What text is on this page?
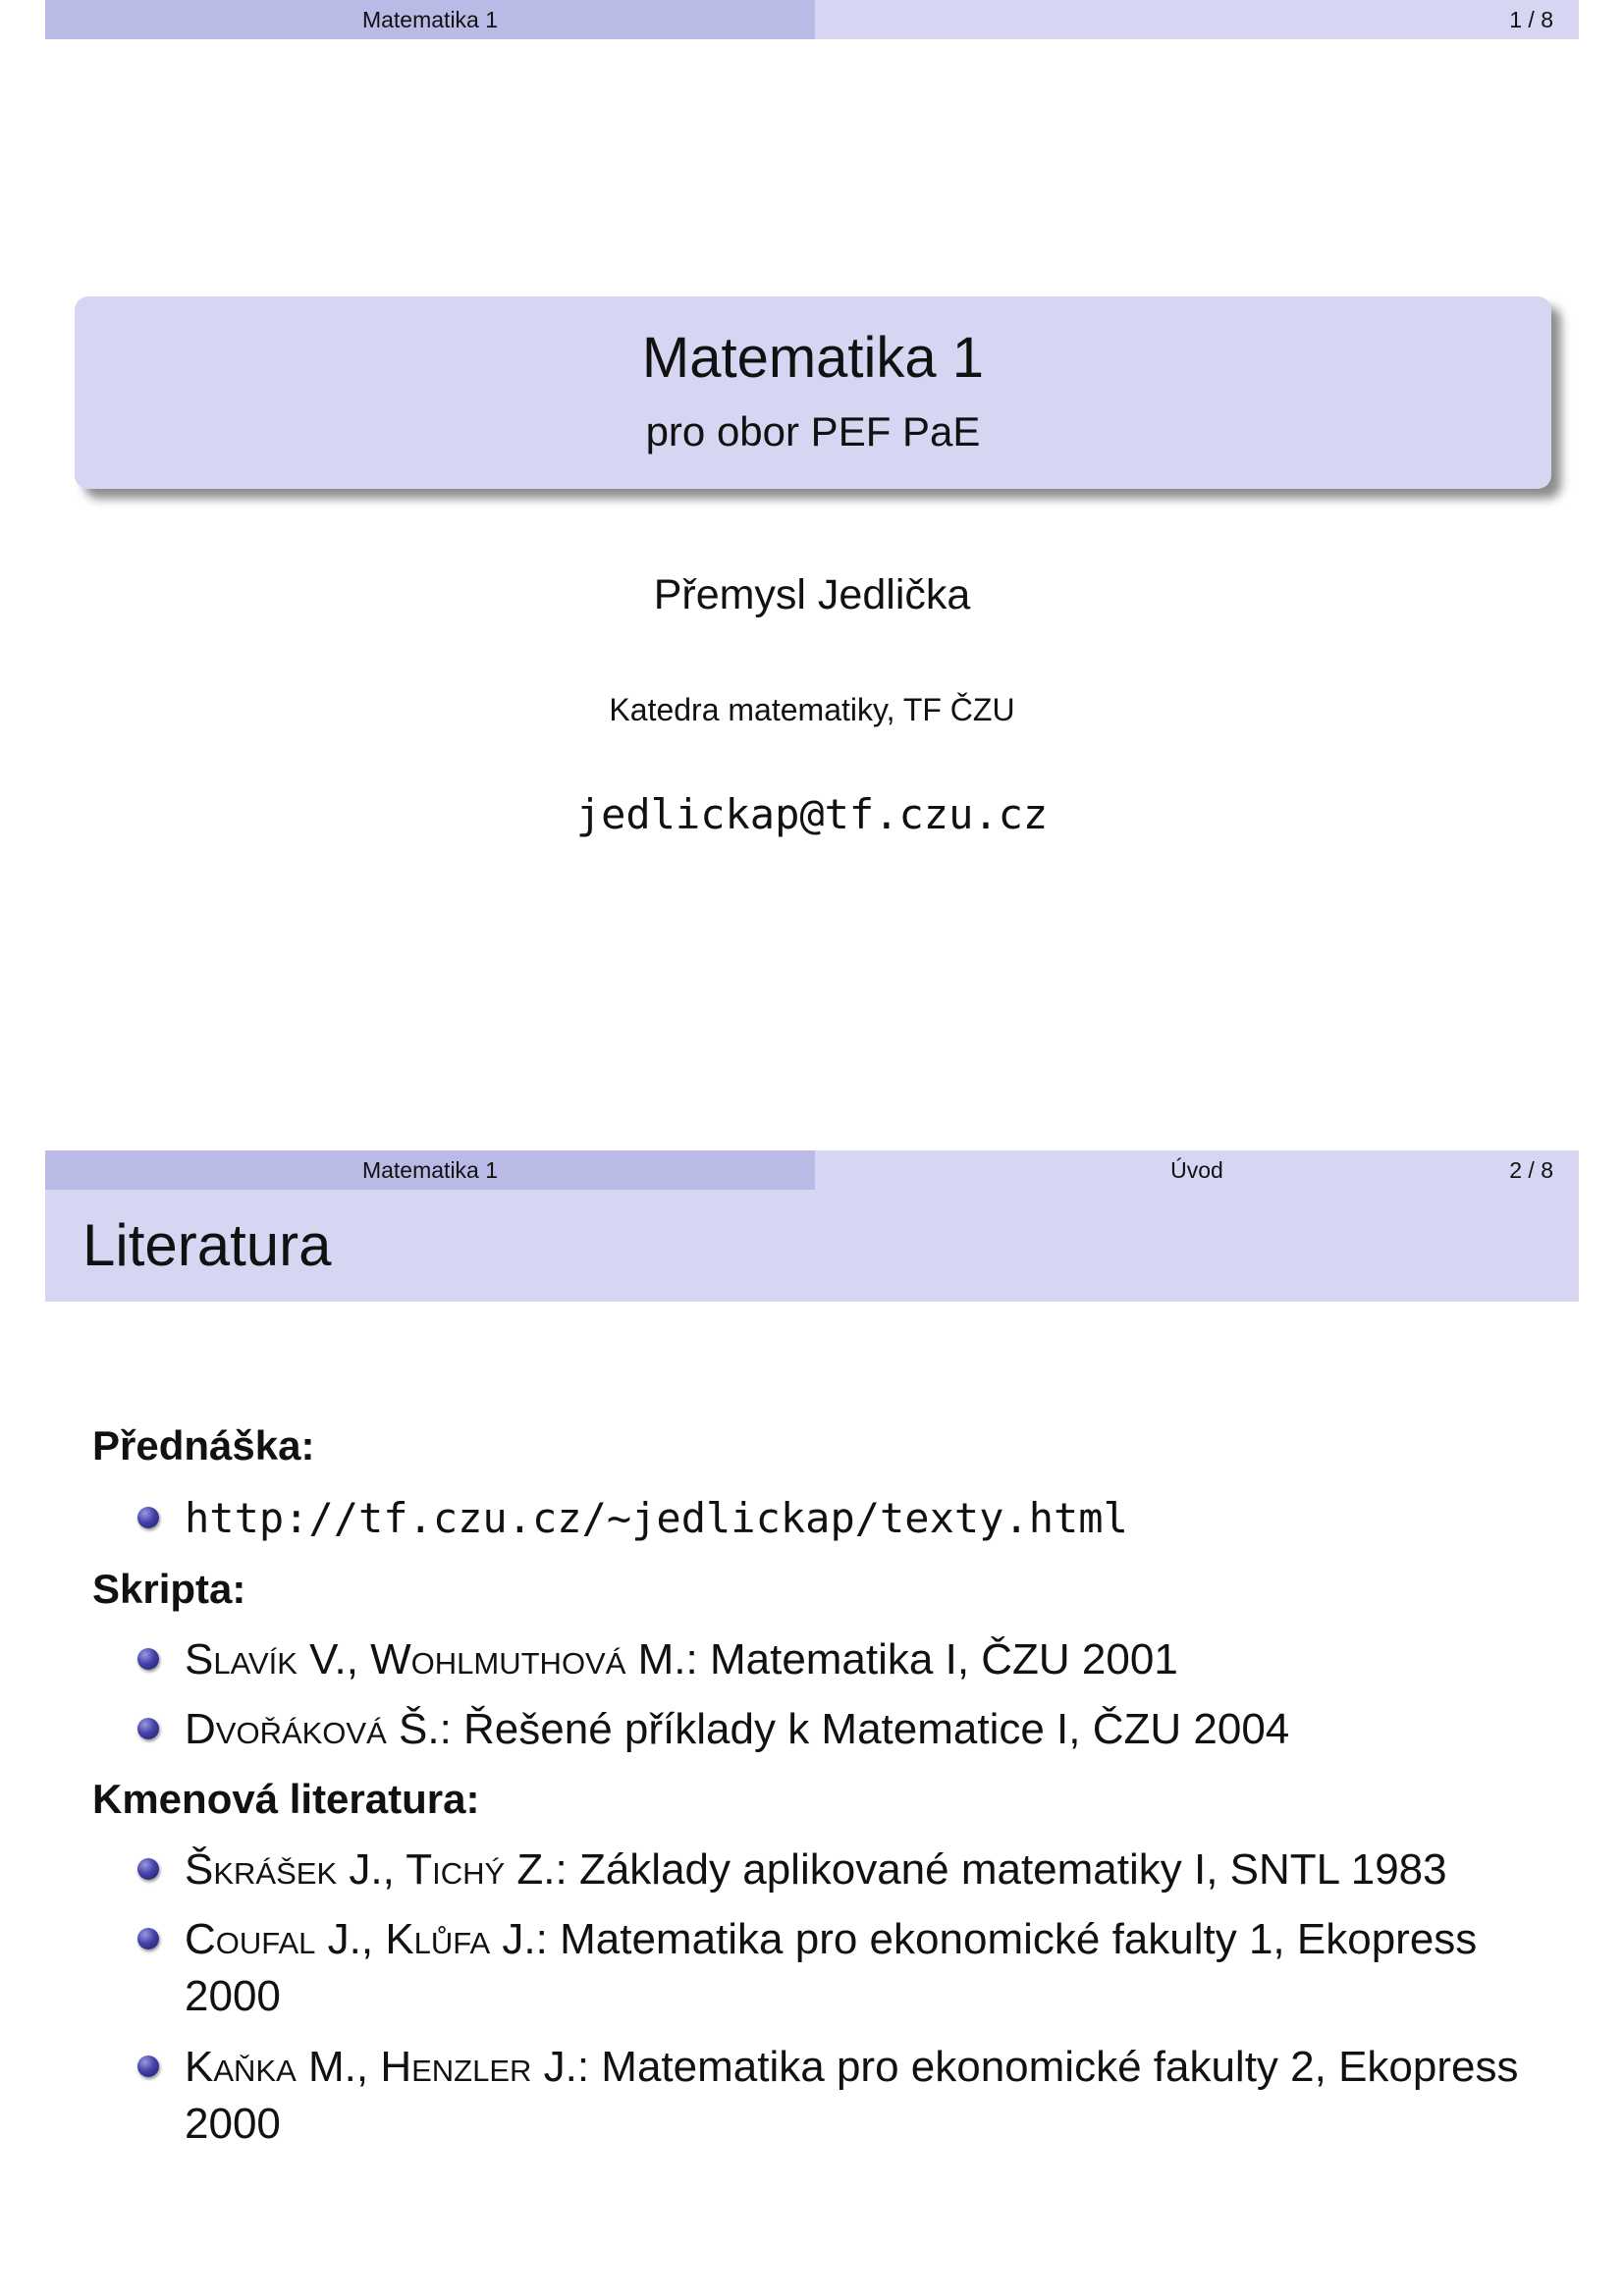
Matematika 1	1 / 8
Matematika 1
pro obor PEF PaE
Přemysl Jedlička
Katedra matematiky, TF ČZU
jedlickap@tf.czu.cz
Matematika 1	Úvod	2 / 8
Literatura
Přednáška:
http://tf.czu.cz/~jedlickap/texty.html
Skripta:
Slavík V., Wohlmuthová M.: Matematika I, ČZU 2001
Dvořáková Š.: Řešené příklady k Matematice I, ČZU 2004
Kmenová literatura:
Škrášek J., Tichý Z.: Základy aplikované matematiky I, SNTL 1983
Coufal J., Klůfa J.: Matematika pro ekonomické fakulty 1, Ekopress 2000
Kaňka M., Henzler J.: Matematika pro ekonomické fakulty 2, Ekopress 2000
